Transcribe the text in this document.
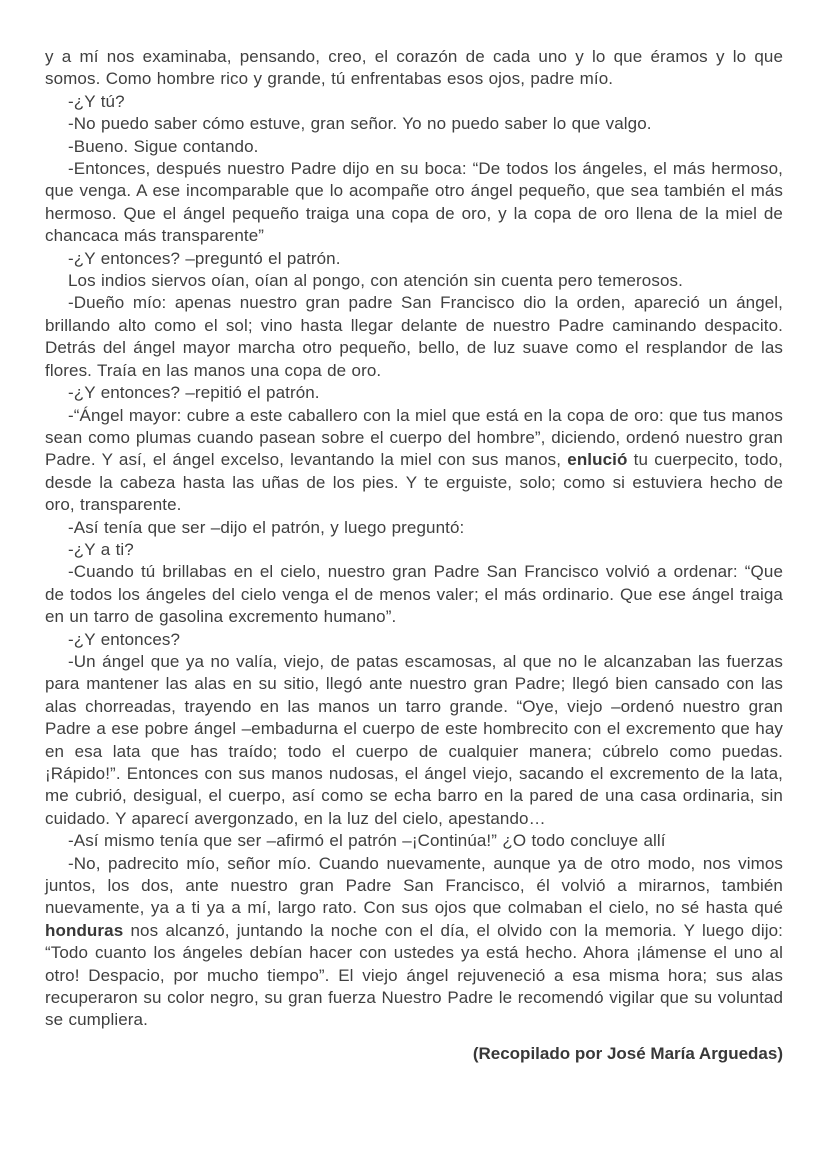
y a mí nos examinaba, pensando, creo, el corazón de cada uno y lo que éramos y lo que somos. Como hombre rico y grande, tú enfrentabas esos ojos, padre mío.

-¿Y tú?

-No puedo saber cómo estuve, gran señor. Yo no puedo saber lo que valgo.

-Bueno. Sigue contando.

-Entonces, después nuestro Padre dijo en su boca: “De todos los ángeles, el más hermoso, que venga. A ese incomparable que lo acompañe otro ángel pequeño, que sea también el más hermoso. Que el ángel pequeño traiga una copa de oro, y la copa de oro llena de la miel de chancaca más transparente”

-¿Y entonces? –preguntó el patrón.

Los indios siervos oían, oían al pongo, con atención sin cuenta pero temerosos.

-Dueño mío: apenas nuestro gran padre San Francisco dio la orden, apareció un ángel, brillando alto como el sol; vino hasta llegar delante de nuestro Padre caminando despacito. Detrás del ángel mayor marcha otro pequeño, bello, de luz suave como el resplandor de las flores. Traía en las manos una copa de oro.

-¿Y entonces? –repitió el patrón.

-“Ángel mayor: cubre a este caballero con la miel que está en la copa de oro: que tus manos sean como plumas cuando pasean sobre el cuerpo del hombre”, diciendo, ordenó nuestro gran Padre. Y así, el ángel excelso, levantando la miel con sus manos, enlució tu cuerpecito, todo, desde la cabeza hasta las uñas de los pies. Y te erguiste, solo; como si estuviera hecho de oro, transparente.

-Así tenía que ser –dijo el patrón, y luego preguntó:

-¿Y a ti?

-Cuando tú brillabas en el cielo, nuestro gran Padre San Francisco volvió a ordenar: “Que de todos los ángeles del cielo venga el de menos valer; el más ordinario. Que ese ángel traiga en un tarro de gasolina excremento humano”.

-¿Y entonces?

-Un ángel que ya no valía, viejo, de patas escamosas, al que no le alcanzaban las fuerzas para mantener las alas en su sitio, llegó ante nuestro gran Padre; llegó bien cansado con las alas chorreadas, trayendo en las manos un tarro grande. “Oye, viejo –ordenó nuestro gran Padre a ese pobre ángel –embadurna el cuerpo de este hombrecito con el excremento que hay en esa lata que has traído; todo el cuerpo de cualquier manera; cúbrelo como puedas. ¡Rápido!”. Entonces con sus manos nudosas, el ángel viejo, sacando el excremento de la lata, me cubrió, desigual, el cuerpo, así como se echa barro en la pared de una casa ordinaria, sin cuidado. Y aparecí avergonzado, en la luz del cielo, apestando…

-Así mismo tenía que ser –afirmó el patrón –¡Continúa!” ¿O todo concluye allí

-No, padrecito mío, señor mío. Cuando nuevamente, aunque ya de otro modo, nos vimos juntos, los dos, ante nuestro gran Padre San Francisco, él volvió a mirarnos, también nuevamente, ya a ti ya a mí, largo rato. Con sus ojos que colmaban el cielo, no sé hasta qué honduras nos alcanzó, juntando la noche con el día, el olvido con la memoria. Y luego dijo: “Todo cuanto los ángeles debían hacer con ustedes ya está hecho. Ahora ¡lámense el uno al otro! Despacio, por mucho tiempo”. El viejo ángel rejuveneció a esa misma hora; sus alas recuperaron su color negro, su gran fuerza Nuestro Padre le recomendó vigilar que su voluntad se cumpliera.

(Recopilado por José María Arguedas)
